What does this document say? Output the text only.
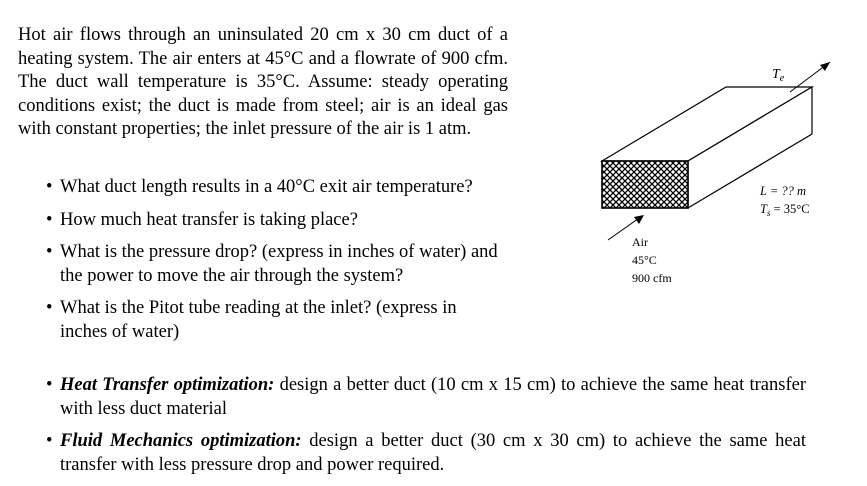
Hot air flows through an uninsulated 20 cm x 30 cm duct of a heating system. The air enters at 45°C and a flowrate of 900 cfm. The duct wall temperature is 35°C. Assume: steady operating conditions exist; the duct is made from steel; air is an ideal gas with constant properties; the inlet pressure of the air is 1 atm.

• What duct length results in a 40°C exit air temperature?
• How much heat transfer is taking place?
• What is the pressure drop? (express in inches of water) and the power to move the air through the system?
• What is the Pitot tube reading at the inlet? (express in inches of water)
$T_e$
L = ?? m
$T_s = 35^\circ C$
Air
45°C
900 cfm
• Heat Transfer optimization: design a better duct (10 cm x 15 cm) to achieve the same heat transfer with less duct material
• Fluid Mechanics optimization: design a better duct (30 cm x 30 cm) to achieve the same heat transfer with less pressure drop and power required.
